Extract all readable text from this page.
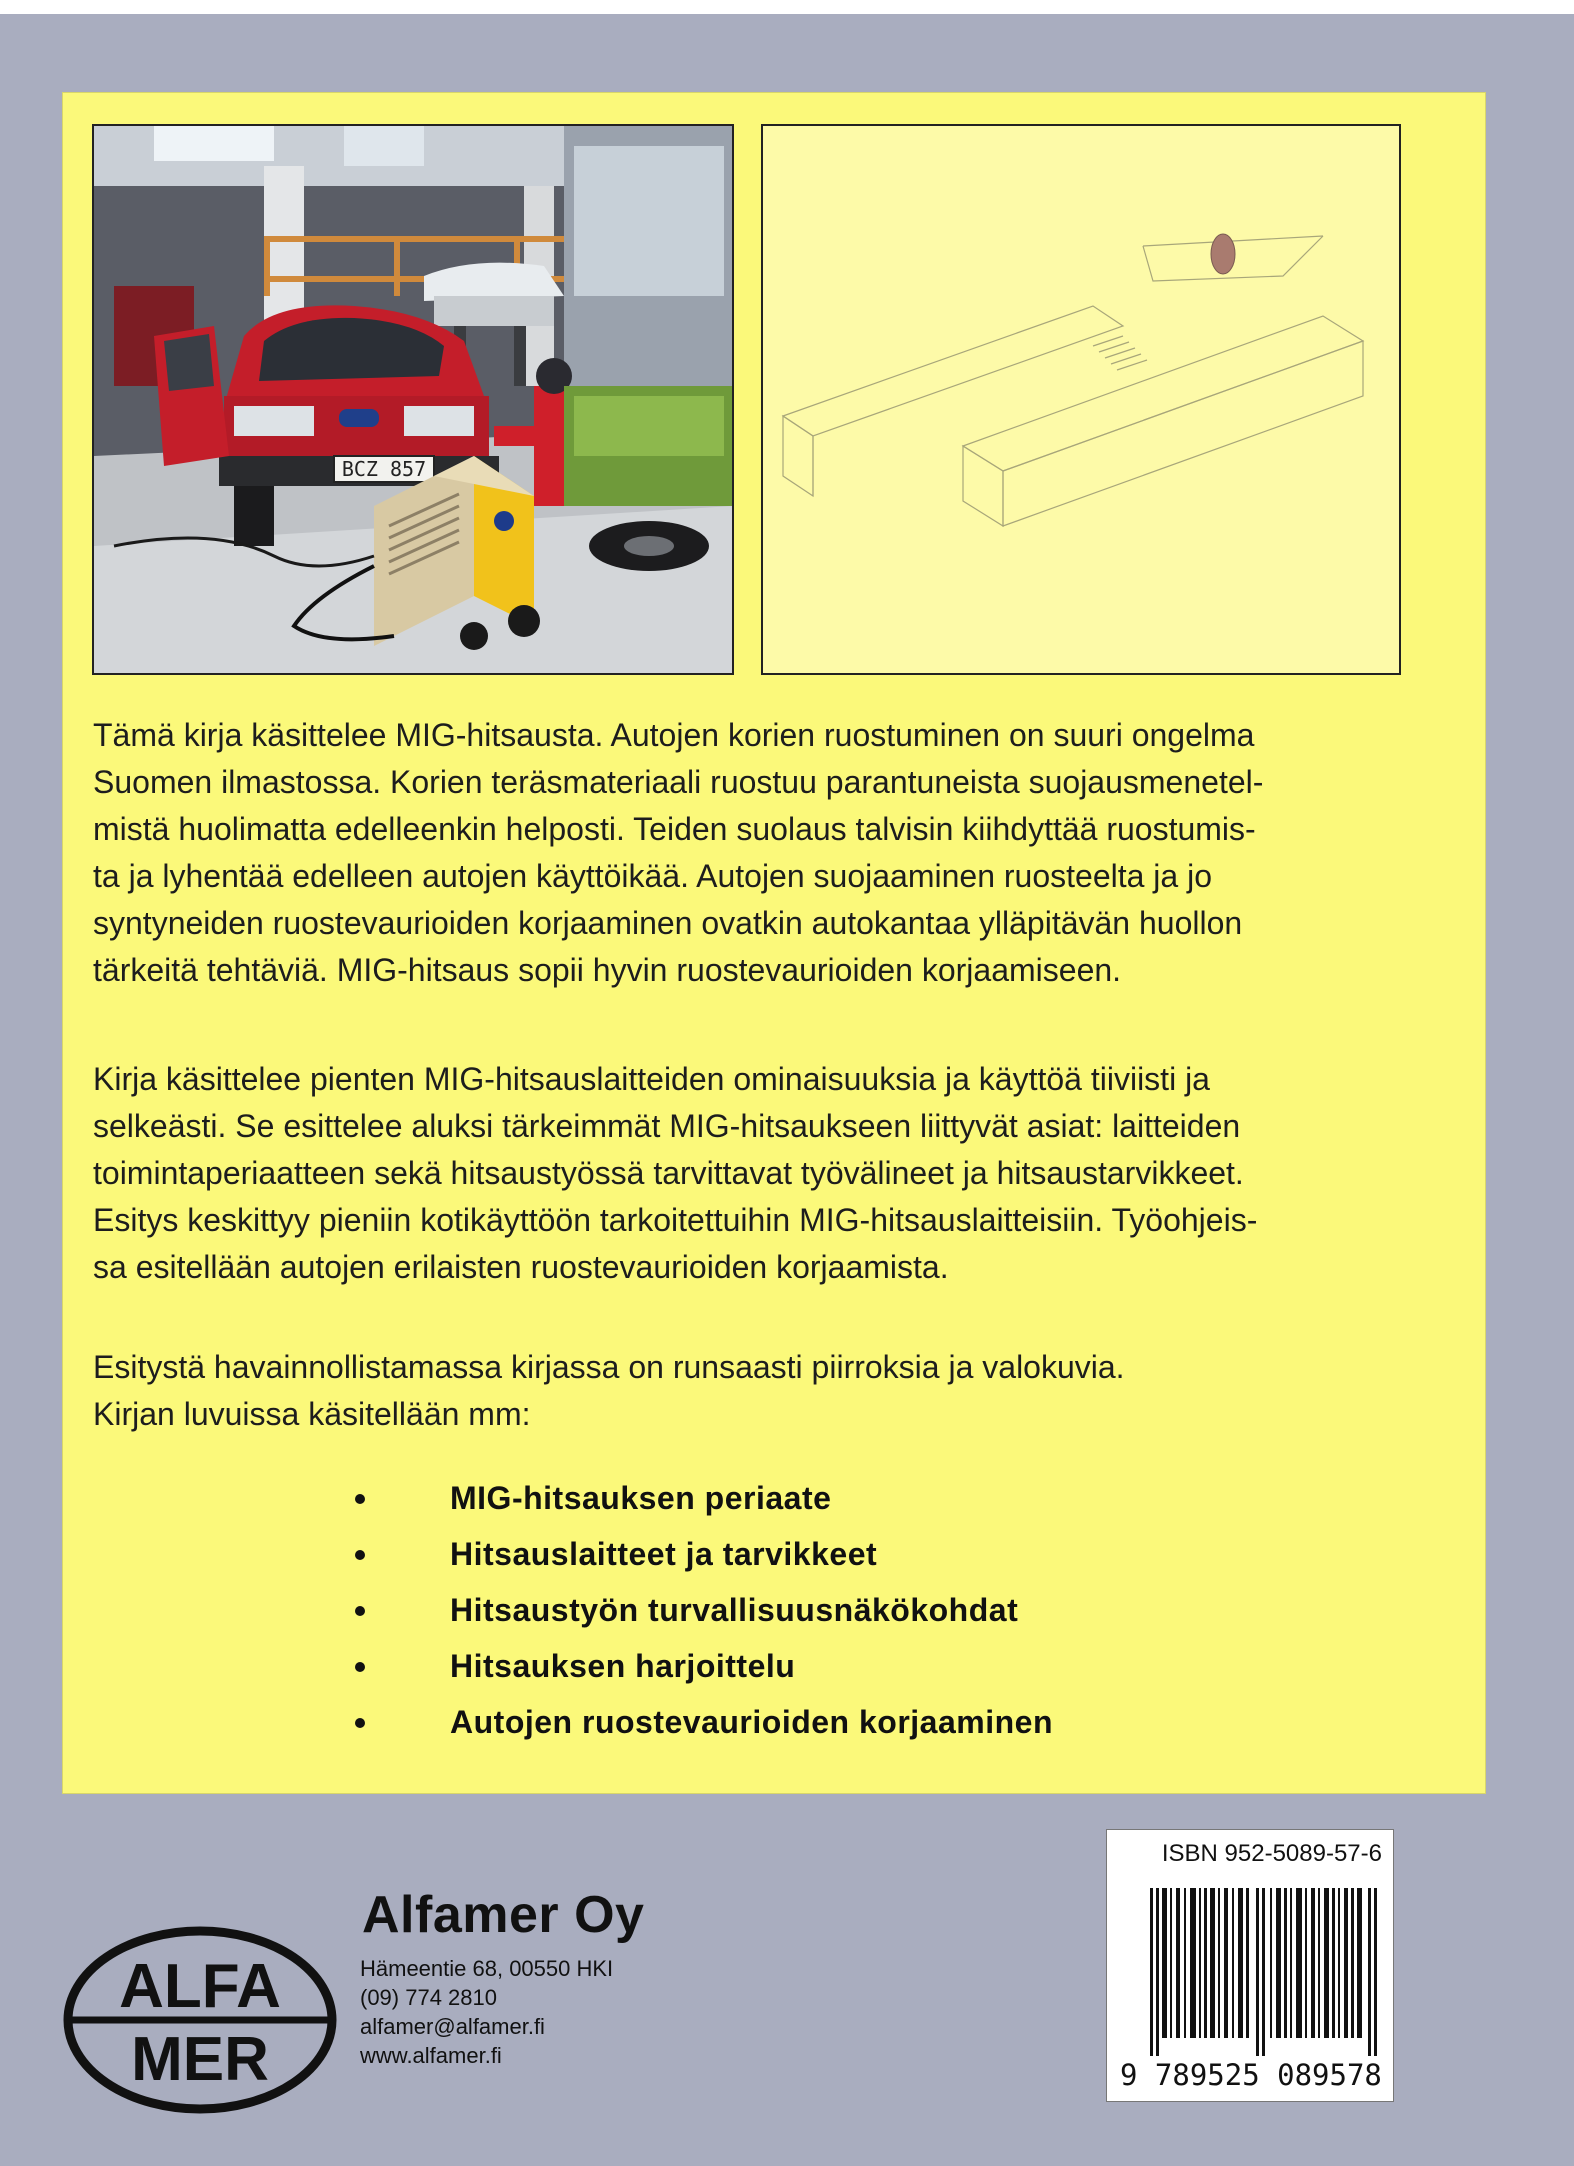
BCZ 857

Tämä kirja käsittelee MIG-hitsausta. Autojen korien ruostuminen on suuri ongelma

Suomen ilmastossa. Korien teräsmateriaali ruostuu parantuneista suojausmenetel-

mistä huolimatta edelleenkin helposti. Teiden suolaus talvisin kiihdyttää ruostumis-

ta ja lyhentää edelleen autojen käyttöikää. Autojen suojaaminen ruosteelta ja jo

syntyneiden ruostevaurioiden korjaaminen ovatkin autokantaa ylläpitävän huollon

tärkeitä tehtäviä. MIG-hitsaus sopii hyvin ruostevaurioiden korjaamiseen.

Kirja käsittelee pienten MIG-hitsauslaitteiden ominaisuuksia ja käyttöä tiiviisti ja

selkeästi. Se esittelee aluksi tärkeimmät MIG-hitsaukseen liittyvät asiat: laitteiden

toimintaperiaatteen sekä hitsaustyössä tarvittavat työvälineet ja hitsaustarvikkeet.

Esitys keskittyy pieniin kotikäyttöön tarkoitettuihin MIG-hitsauslaitteisiin. Työohjeis-

sa esitellään autojen erilaisten ruostevaurioiden korjaamista.

Esitystä havainnollistamassa kirjassa on runsaasti piirroksia ja valokuvia.

Kirjan luvuissa käsitellään mm:

MIG-hitsauksen periaate
Hitsauslaitteet ja tarvikkeet
Hitsaustyön turvallisuusnäkökohdat
Hitsauksen harjoittelu
Autojen ruostevaurioiden korjaaminen
ALFA
MER
Alfamer Oy
Hämeentie 68, 00550 HKI
(09) 774 2810
alfamer@alfamer.fi
www.alfamer.fi
ISBN 952-5089-57-6
9 789525 089578
